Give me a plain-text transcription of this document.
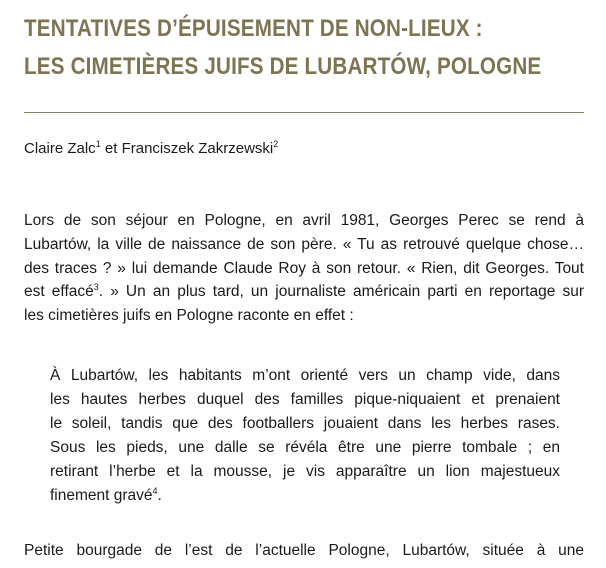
TENTATIVES D’ÉPUISEMENT DE NON-LIEUX :
LES CIMETIÈRES JUIFS DE LUBARTÓW, POLOGNE
Claire Zalc$^1$ et Franciszek Zakrzewski$^2$
Lors de son séjour en Pologne, en avril 1981, Georges Perec se rend à
Lubartów, la ville de naissance de son père. « Tu as retrouvé quelque chose…
des traces ? » lui demande Claude Roy à son retour. « Rien, dit Georges. Tout
est effacé$^3$. » Un an plus tard, un journaliste américain parti en reportage sur
les cimetières juifs en Pologne raconte en effet :
À Lubartów, les habitants m’ont orienté vers un champ vide, dans
les hautes herbes duquel des familles pique-niquaient et prenaient
le soleil, tandis que des footballers jouaient dans les herbes rases.
Sous les pieds, une dalle se révéla être une pierre tombale ; en
retirant l’herbe et la mousse, je vis apparaître un lion majestueux
finement gravé$^4$.
Petite bourgade de l’est de l’actuelle Pologne, Lubartów, située à une
